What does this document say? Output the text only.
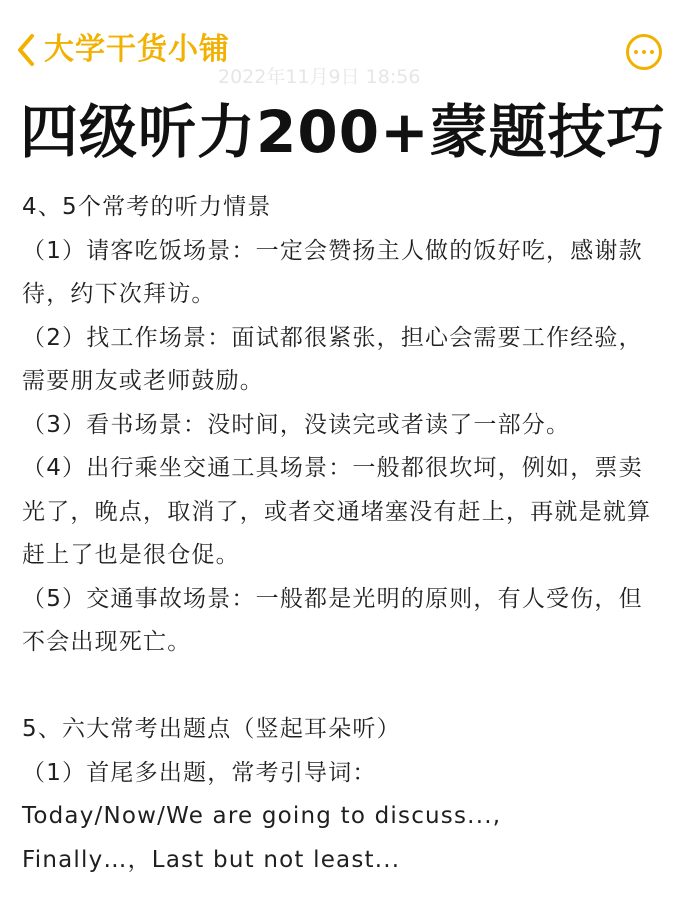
大学干货小铺
2022年11月9日 18:56
四级听力200+蒙题技巧

4、5个常考的听力情景

（1）请客吃饭场景：一定会赞扬主人做的饭好吃，感谢款待，约下次拜访。

（2）找工作场景：面试都很紧张，担心会需要工作经验，需要朋友或老师鼓励。

（3）看书场景：没时间，没读完或者读了一部分。

（4）出行乘坐交通工具场景：一般都很坎坷，例如，票卖光了，晚点，取消了，或者交通堵塞没有赶上，再就是就算赶上了也是很仓促。

（5）交通事故场景：一般都是光明的原则，有人受伤，但不会出现死亡。

5、六大常考出题点（竖起耳朵听）

（1）首尾多出题，常考引导词：

Today/Now/We are going to discuss...,

Finally…，Last but not least...
